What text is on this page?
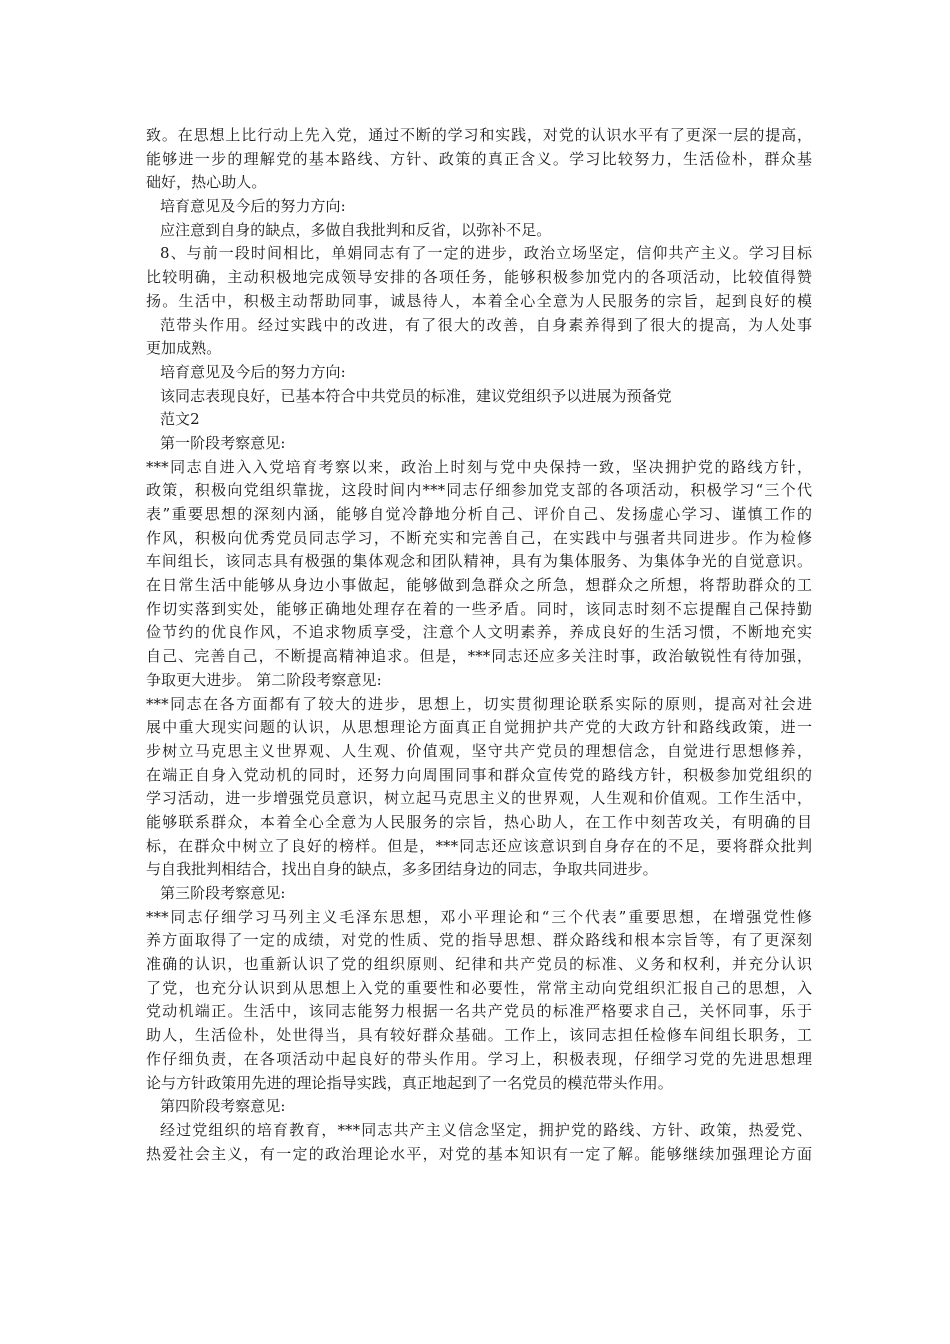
致。在思想上比行动上先入党，通过不断的学习和实践，对党的认识水平有了更深一层的提高，
能够进一步的理解党的基本路线、方针、政策的真正含义。学习比较努力，生活俭朴，群众基
础好，热心助人。
培育意见及今后的努力方向:
应注意到自身的缺点，多做自我批判和反省，以弥补不足。
8、与前一段时间相比，单娟同志有了一定的进步，政治立场坚定，信仰共产主义。学习目标
比较明确，主动积极地完成领导安排的各项任务，能够积极参加党内的各项活动，比较值得赞
扬。生活中，积极主动帮助同事，诚恳待人，本着全心全意为人民服务的宗旨，起到良好的模
范带头作用。经过实践中的改进，有了很大的改善，自身素养得到了很大的提高，为人处事
更加成熟。
培育意见及今后的努力方向:
该同志表现良好，已基本符合中共党员的标准，建议党组织予以进展为预备党
范文2
第一阶段考察意见:
***同志自进入入党培育考察以来，政治上时刻与党中央保持一致，坚决拥护党的路线方针，
政策，积极向党组织靠拢，这段时间内***同志仔细参加党支部的各项活动，积极学习“三个代
表”重要思想的深刻内涵，能够自觉冷静地分析自己、评价自己、发扬虚心学习、谨慎工作的
作风，积极向优秀党员同志学习，不断充实和完善自己，在实践中与强者共同进步。作为检修
车间组长，该同志具有极强的集体观念和团队精神，具有为集体服务、为集体争光的自觉意识。
在日常生活中能够从身边小事做起，能够做到急群众之所急，想群众之所想，将帮助群众的工
作切实落到实处，能够正确地处理存在着的一些矛盾。同时，该同志时刻不忘提醒自己保持勤
俭节约的优良作风，不追求物质享受，注意个人文明素养，养成良好的生活习惯，不断地充实
自己、完善自己，不断提高精神追求。但是，***同志还应多关注时事，政治敏锐性有待加强，
争取更大进步。 第二阶段考察意见:
***同志在各方面都有了较大的进步，思想上，切实贯彻理论联系实际的原则，提高对社会进
展中重大现实问题的认识，从思想理论方面真正自觉拥护共产党的大政方针和路线政策，进一
步树立马克思主义世界观、人生观、价值观，坚守共产党员的理想信念，自觉进行思想修养，
在端正自身入党动机的同时，还努力向周围同事和群众宣传党的路线方针，积极参加党组织的
学习活动，进一步增强党员意识，树立起马克思主义的世界观，人生观和价值观。工作生活中，
能够联系群众，本着全心全意为人民服务的宗旨，热心助人，在工作中刻苦攻关，有明确的目
标，在群众中树立了良好的榜样。但是，***同志还应该意识到自身存在的不足，要将群众批判
与自我批判相结合，找出自身的缺点，多多团结身边的同志，争取共同进步。
第三阶段考察意见:
***同志仔细学习马列主义毛泽东思想，邓小平理论和“三个代表”重要思想，在增强党性修
养方面取得了一定的成绩，对党的性质、党的指导思想、群众路线和根本宗旨等，有了更深刻
准确的认识，也重新认识了党的组织原则、纪律和共产党员的标准、义务和权利，并充分认识
了党，也充分认识到从思想上入党的重要性和必要性，常常主动向党组织汇报自己的思想，入
党动机端正。生活中，该同志能努力根据一名共产党员的标准严格要求自己，关怀同事，乐于
助人，生活俭朴，处世得当，具有较好群众基础。工作上，该同志担任检修车间组长职务，工
作仔细负责，在各项活动中起良好的带头作用。学习上，积极表现，仔细学习党的先进思想理
论与方针政策用先进的理论指导实践，真正地起到了一名党员的模范带头作用。
第四阶段考察意见:
经过党组织的培育教育，***同志共产主义信念坚定，拥护党的路线、方针、政策，热爱党、
热爱社会主义，有一定的政治理论水平，对党的基本知识有一定了解。能够继续加强理论方面
